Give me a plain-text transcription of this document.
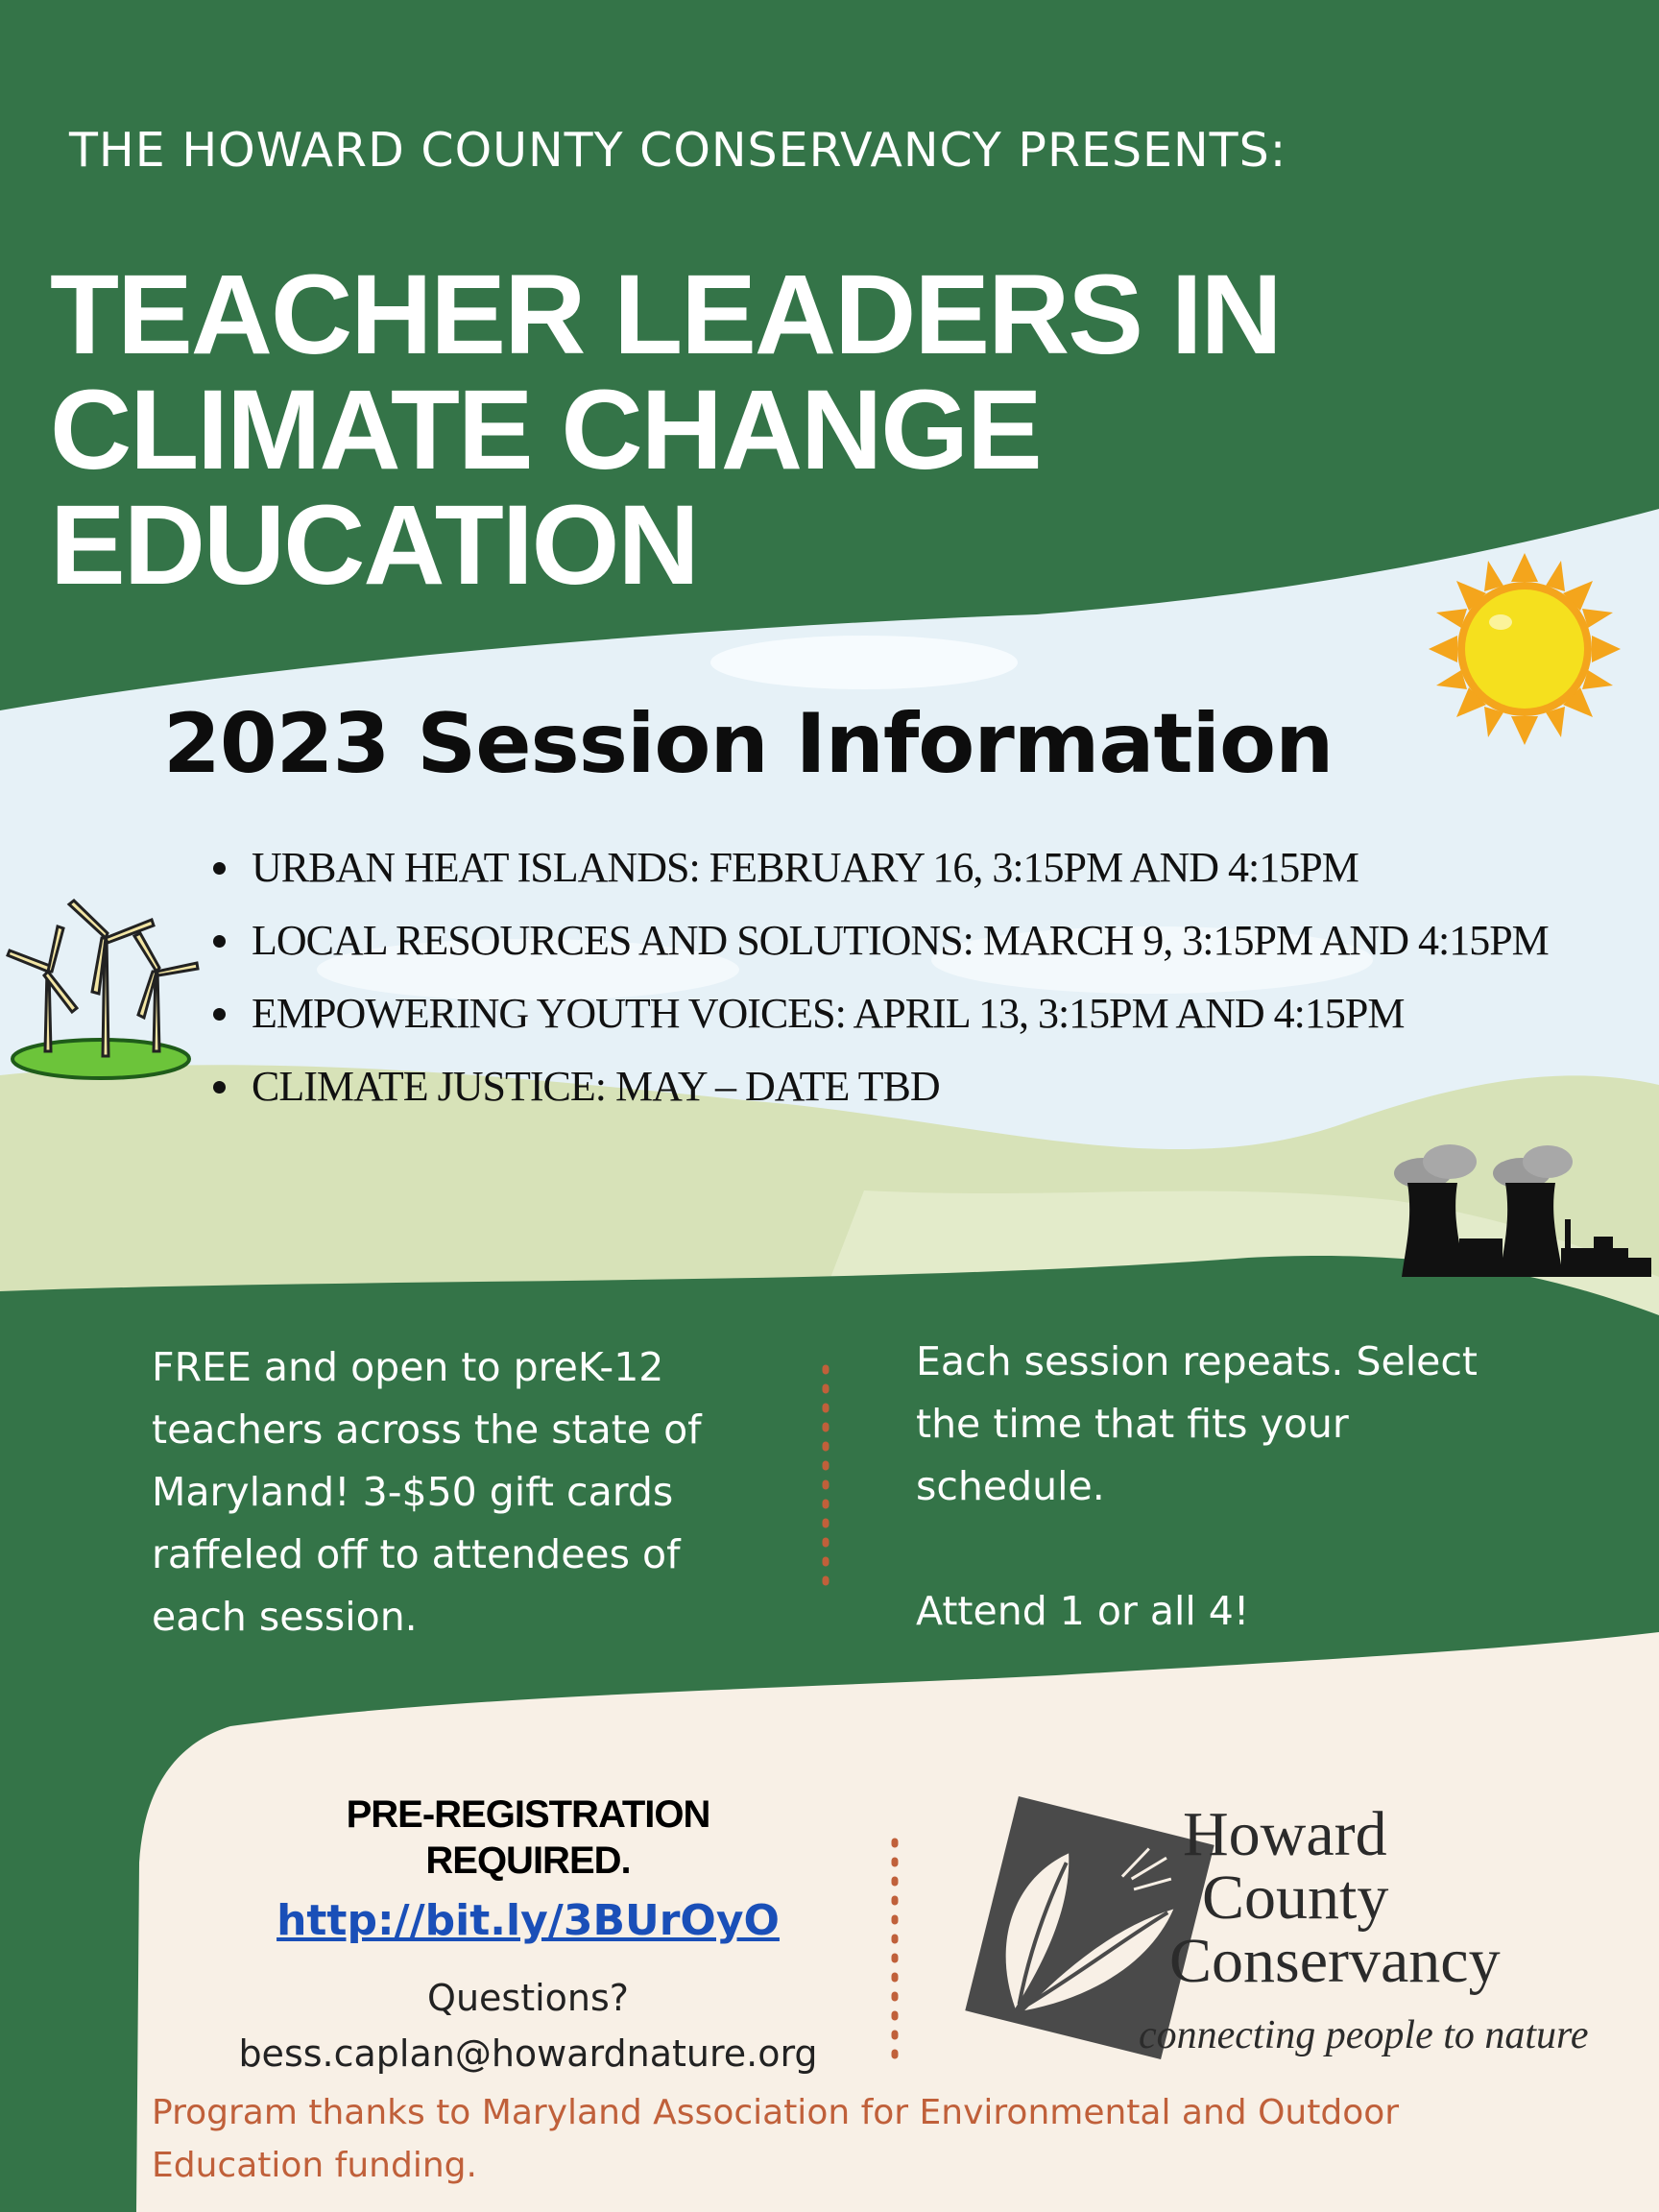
THE HOWARD COUNTY CONSERVANCY PRESENTS:
TEACHER LEADERS IN
CLIMATE CHANGE
EDUCATION
2023 Session Information
URBAN HEAT ISLANDS: FEBRUARY 16, 3:15PM AND 4:15PM
LOCAL RESOURCES AND SOLUTIONS: MARCH 9, 3:15PM AND 4:15PM
EMPOWERING YOUTH VOICES: APRIL 13, 3:15PM AND 4:15PM
CLIMATE JUSTICE: MAY – DATE TBD

FREE and open to preK-12 teachers across the state of Maryland! 3-$50 gift cards raffeled off to attendees of each session.

Each session repeats. Select the time that fits your schedule.

Attend 1 or all 4!

PRE-REGISTRATION REQUIRED.
http://bit.ly/3BUrOyO
Questions?
bess.caplan@howardnature.org
Howard
County
Conservancy
connecting people to nature
Program thanks to Maryland Association for Environmental and Outdoor Education funding.
